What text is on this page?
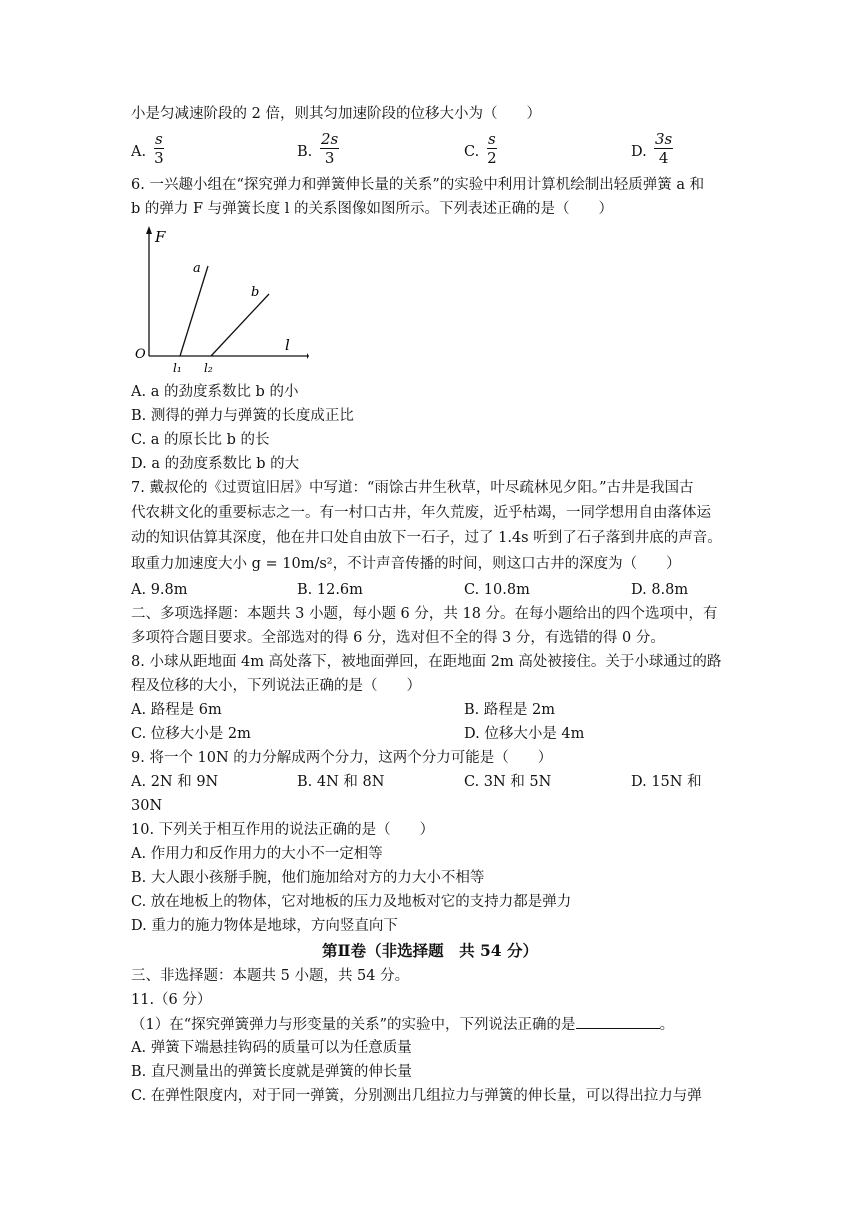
小是匀减速阶段的 2 倍，则其匀加速阶段的位移大小为（　　）
A.
s
3	B.
2s
3	C.
s
2	D.
3s
4
6. 一兴趣小组在“探究弹力和弹簧伸长量的关系”的实验中利用计算机绘制出轻质弹簧 a 和
b 的弹力 F 与弹簧长度 l 的关系图像如图所示。下列表述正确的是（　　）
F
l
O
a
b
l₁ l₂
A. a 的劲度系数比 b 的小
B. 测得的弹力与弹簧的长度成正比
C. a 的原长比 b 的长
D. a 的劲度系数比 b 的大
7. 戴叔伦的《过贾谊旧居》中写道：“雨馀古井生秋草，叶尽疏林见夕阳。”古井是我国古
代农耕文化的重要标志之一。有一村口古井，年久荒废，近乎枯竭，一同学想用自由落体运
动的知识估算其深度，他在井口处自由放下一石子，过了 1.4s 听到了石子落到井底的声音。
取重力加速度大小 g = 10m/s²，不计声音传播的时间，则这口古井的深度为（　　）
A. 9.8m	B. 12.6m	C. 10.8m	D. 8.8m
二、多项选择题：本题共 3 小题，每小题 6 分，共 18 分。在每小题给出的四个选项中，有
多项符合题目要求。全部选对的得 6 分，选对但不全的得 3 分，有选错的得 0 分。
8. 小球从距地面 4m 高处落下，被地面弹回，在距地面 2m 高处被接住。关于小球通过的路
程及位移的大小，下列说法正确的是（　　）
A. 路程是 6m	B. 路程是 2m
C. 位移大小是 2m	D. 位移大小是 4m
9. 将一个 10N 的力分解成两个分力，这两个分力可能是（　　）
A. 2N 和 9N	B. 4N 和 8N	C. 3N 和 5N	D. 15N 和
30N
10. 下列关于相互作用的说法正确的是（　　）
A. 作用力和反作用力的大小不一定相等
B. 大人跟小孩掰手腕，他们施加给对方的力大小不相等
C. 放在地板上的物体，它对地板的压力及地板对它的支持力都是弹力
D. 重力的施力物体是地球，方向竖直向下
第Ⅱ卷（非选择题　共 54 分）
三、非选择题：本题共 5 小题，共 54 分。
11.（6 分）
（1）在“探究弹簧弹力与形变量的关系”的实验中，下列说法正确的是	。
A. 弹簧下端悬挂钩码的质量可以为任意质量
B. 直尺测量出的弹簧长度就是弹簧的伸长量
C. 在弹性限度内，对于同一弹簧，分别测出几组拉力与弹簧的伸长量，可以得出拉力与弹
